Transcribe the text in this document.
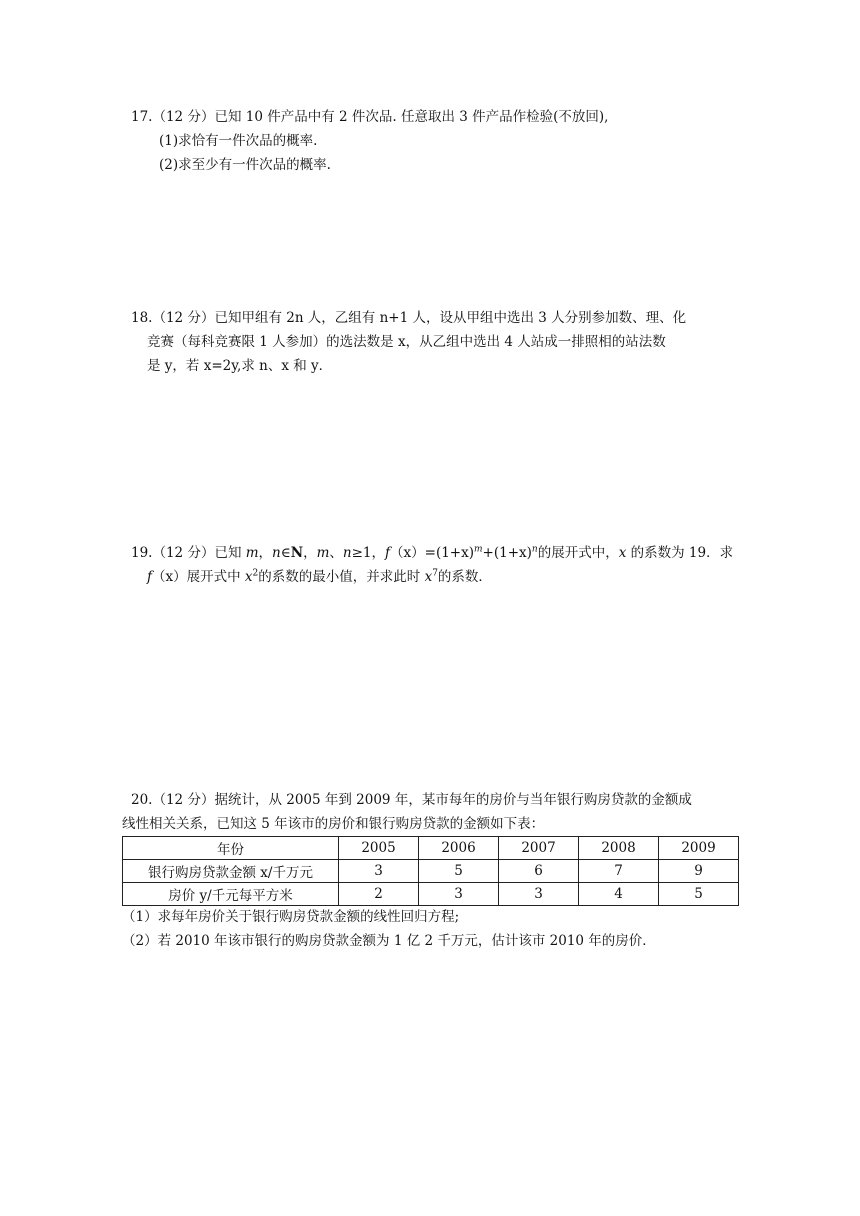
17.（12 分）已知 10 件产品中有 2 件次品. 任意取出 3 件产品作检验(不放回),

(1)求恰有一件次品的概率.

(2)求至少有一件次品的概率.

18.（12 分）已知甲组有 2n 人，乙组有 n+1 人，设从甲组中选出 3 人分别参加数、理、化

竞赛（每科竞赛限 1 人参加）的选法数是 x，从乙组中选出 4 人站成一排照相的站法数

是 y，若 x=2y,求 n、x 和 y．

19.（12 分）已知 m，n∈N，m、n≥1，$f(x)=(1+x)^m+(1+x)^n$的展开式中，x 的系数为 19．求

f（x）展开式中 $x^2$的系数的最小值，并求此时 $x^7$的系数．

20.（12 分）据统计，从 2005 年到 2009 年，某市每年的房价与当年银行购房贷款的金额成

线性相关关系，已知这 5 年该市的房价和银行购房贷款的金额如下表：

年份	2005	2006	2007	2008	2009
银行购房贷款金额 x/千万元	3	5	6	7	9
房价 y/千元每平方米	2	3	3	4	5
（1）求每年房价关于银行购房贷款金额的线性回归方程;
（2）若 2010 年该市银行的购房贷款金额为 1 亿 2 千万元，估计该市 2010 年的房价．
